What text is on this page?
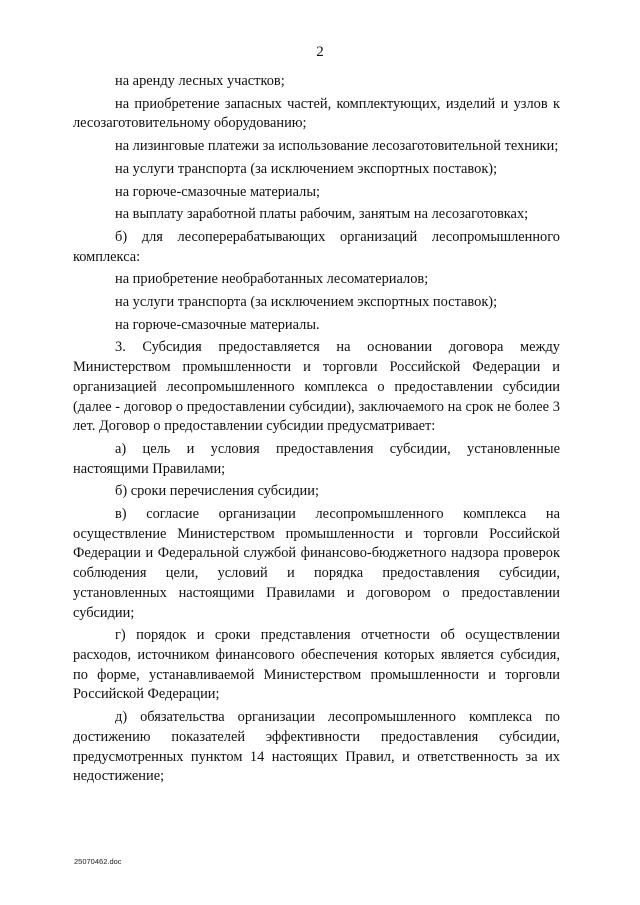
2

на аренду лесных участков;

на приобретение запасных частей, комплектующих, изделий и узлов к лесозаготовительному оборудованию;

на лизинговые платежи за использование лесозаготовительной техники;

на услуги транспорта (за исключением экспортных поставок);

на горюче-смазочные материалы;

на выплату заработной платы рабочим, занятым на лесозаготовках;

б) для лесоперерабатывающих организаций лесопромышленного комплекса:

на приобретение необработанных лесоматериалов;

на услуги транспорта (за исключением экспортных поставок);

на горюче-смазочные материалы.

3. Субсидия предоставляется на основании договора между Министерством промышленности и торговли Российской Федерации и организацией лесопромышленного комплекса о предоставлении субсидии (далее - договор о предоставлении субсидии), заключаемого на срок не более 3 лет. Договор о предоставлении субсидии предусматривает:

а) цель и условия предоставления субсидии, установленные настоящими Правилами;

б) сроки перечисления субсидии;

в) согласие организации лесопромышленного комплекса на осуществление Министерством промышленности и торговли Российской Федерации и Федеральной службой финансово-бюджетного надзора проверок соблюдения цели, условий и порядка предоставления субсидии, установленных настоящими Правилами и договором о предоставлении субсидии;

г) порядок и сроки представления отчетности об осуществлении расходов, источником финансового обеспечения которых является субсидия, по форме, устанавливаемой Министерством промышленности и торговли Российской Федерации;

д) обязательства организации лесопромышленного комплекса по достижению показателей эффективности предоставления субсидии, предусмотренных пунктом 14 настоящих Правил, и ответственность за их недостижение;

25070462.doc
